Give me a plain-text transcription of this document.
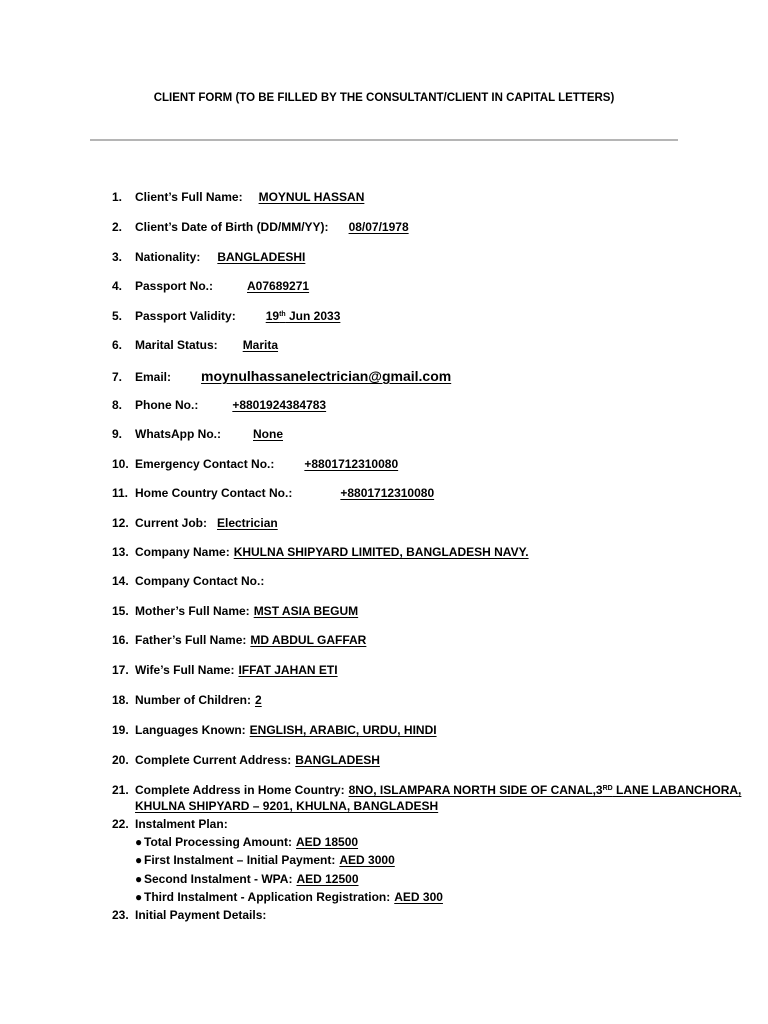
CLIENT FORM (TO BE FILLED BY THE CONSULTANT/CLIENT IN CAPITAL LETTERS)
1. Client’s Full Name: MOYNUL HASSAN
2. Client’s Date of Birth (DD/MM/YY): 08/07/1978
3. Nationality: BANGLADESHI
4. Passport No.:	A07689271
5. Passport Validity:	19th Jun 2033
6. Marital Status: Marita
7. Email: moynulhassanelectrician@gmail.com
8. Phone No.:	+8801924384783
9. WhatsApp No.:	None
10. Emergency Contact No.:	+8801712310080
11. Home Country Contact No.:	+8801712310080
12. Current Job: Electrician
13. Company Name: KHULNA SHIPYARD LIMITED, BANGLADESH NAVY.
14. Company Contact No.:
15. Mother’s Full Name: MST ASIA BEGUM
16. Father’s Full Name: MD ABDUL GAFFAR
17. Wife’s Full Name: IFFAT JAHAN ETI
18. Number of Children: 2
19. Languages Known: ENGLISH, ARABIC, URDU, HINDI
20. Complete Current Address: BANGLADESH
21. Complete Address in Home Country: 8NO, ISLAMPARA NORTH SIDE OF CANAL,3RD LANE LABANCHORA,
KHULNA SHIPYARD – 9201, KHULNA, BANGLADESH
22. Instalment Plan:
● Total Processing Amount: AED 18500
● First Instalment – Initial Payment: AED 3000
● Second Instalment - WPA: AED 12500
● Third Instalment - Application Registration: AED 300
23. Initial Payment Details:
